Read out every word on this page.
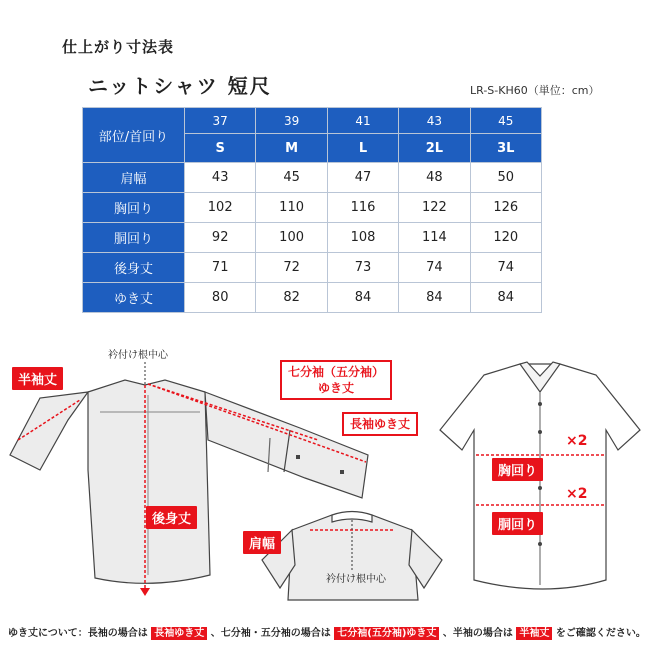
仕上がり寸法表
ニットシャツ 短尺	LR-S-KH60（単位：cm）
部位/首回り	37	39	41	43	45
	S	M	L	2L	3L
肩幅	43	45	47	48	50
胸回り	102	110	116	122	126
胴回り	92	100	108	114	120
後身丈	71	72	73	74	74
ゆき丈	80	82	84	84	84
衿付け根中心
半袖丈
七分袖（五分袖）
ゆき丈
長袖ゆき丈
後身丈
肩幅
衿付け根中心
×2
胸回り
×2
胴回り
ゆき丈について：長袖の場合は 長袖ゆき丈 、七分袖・五分袖の場合は 七分袖(五分袖)ゆき丈 、半袖の場合は 半袖丈 をご確認ください。
